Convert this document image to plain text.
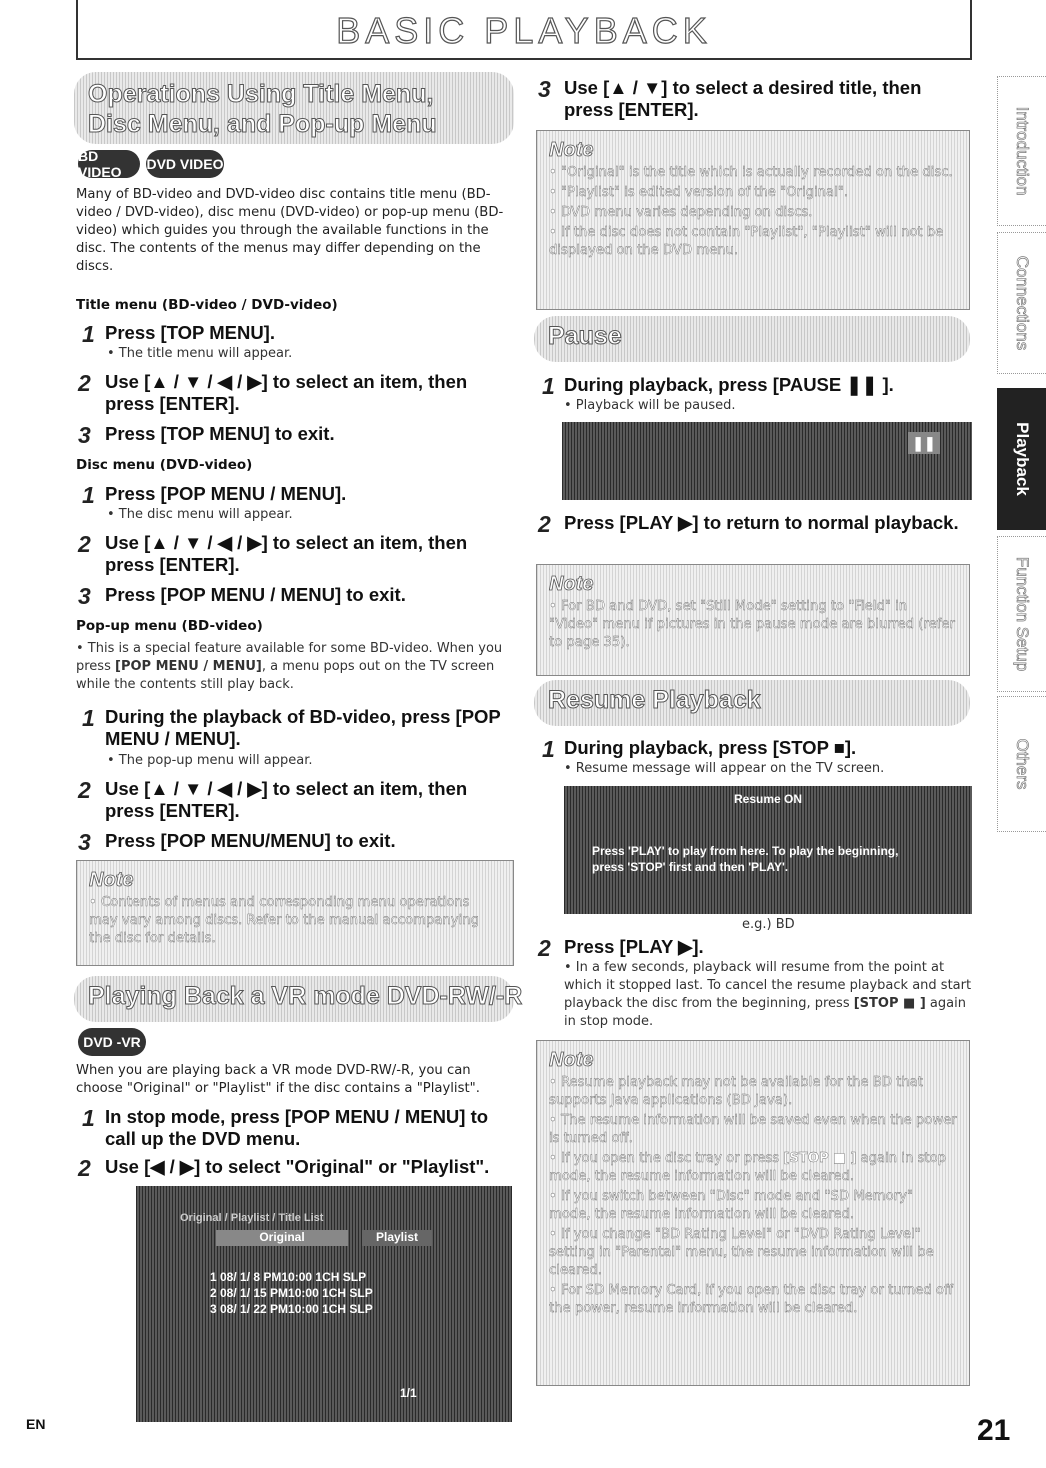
BASIC PLAYBACK
Operations Using Title Menu,
Disc Menu, and Pop-up Menu
BD VIDEO	DVD VIDEO
Many of BD-video and DVD-video disc contains title menu (BD-video / DVD-video), disc menu (DVD-video) or pop-up menu (BD-video) which guides you through the available functions in the disc. The contents of the menus may differ depending on the discs.
Title menu (BD-video / DVD-video)
1 Press [TOP MENU].
• The title menu will appear.
2 Use [▲ / ▼ / ◀ / ▶] to select an item, then press [ENTER].
3 Press [TOP MENU] to exit.
Disc menu (DVD-video)
1 Press [POP MENU / MENU].
• The disc menu will appear.
2 Use [▲ / ▼ / ◀ / ▶] to select an item, then press [ENTER].
3 Press [POP MENU / MENU] to exit.
Pop-up menu (BD-video)
• This is a special feature available for some BD-video. When you press [POP MENU / MENU], a menu pops out on the TV screen while the contents still play back.
1 During the playback of BD-video, press [POP MENU / MENU].
• The pop-up menu will appear.
2 Use [▲ / ▼ / ◀ / ▶] to select an item, then press [ENTER].
3 Press [POP MENU/MENU] to exit.
Note
• Contents of menus and corresponding menu operations may vary among discs. Refer to the manual accompanying the disc for details.
Playing Back a VR mode DVD-RW/-R
DVD -VR
When you are playing back a VR mode DVD-RW/-R, you can choose "Original" or "Playlist" if the disc contains a "Playlist".
1 In stop mode, press [POP MENU / MENU] to call up the DVD menu.
2 Use [◀ / ▶] to select "Original" or "Playlist".
Original / Playlist / Title List
Original	Playlist
1 08/ 1/ 8 PM10:00 1CH SLP
2 08/ 1/ 15 PM10:00 1CH SLP
3 08/ 1/ 22 PM10:00 1CH SLP
1/1
3 Use [▲ / ▼] to select a desired title, then press [ENTER].
Note
• "Original" is the title which is actually recorded on the disc.
• "Playlist" is edited version of the "Original".
• DVD menu varies depending on discs.
• If the disc does not contain "Playlist", "Playlist" will not be displayed on the DVD menu.
Pause
1 During playback, press [PAUSE ❚❚ ].
• Playback will be paused.
❚❚
2 Press [PLAY ▶] to return to normal playback.
Note
• For BD and DVD, set "Still Mode" setting to "Field" in "Video" menu if pictures in the pause mode are blurred (refer to page 35).
Resume Playback
1 During playback, press [STOP ■].
• Resume message will appear on the TV screen.
Resume ON
Press 'PLAY' to play from here. To play the beginning,
press 'STOP' first and then 'PLAY'.
e.g.) BD
2 Press [PLAY ▶].
• In a few seconds, playback will resume from the point at which it stopped last. To cancel the resume playback and start playback the disc from the beginning, press [STOP ■ ] again in stop mode.
Note
• Resume playback may not be available for the BD that supports Java applications (BD Java).
• The resume information will be saved even when the power is turned off.
• If you open the disc tray or press [STOP ■ ] again in stop mode, the resume information will be cleared.
• If you switch between "Disc" mode and "SD Memory" mode, the resume information will be cleared.
• If you change "BD Rating Level" or "DVD Rating Level" setting in "Parental" menu, the resume information will be cleared.
• For SD Memory Card, if you open the disc tray or turned off the power, resume information will be cleared.
Introduction
Connections
Playback
Function Setup
Others
EN	21
